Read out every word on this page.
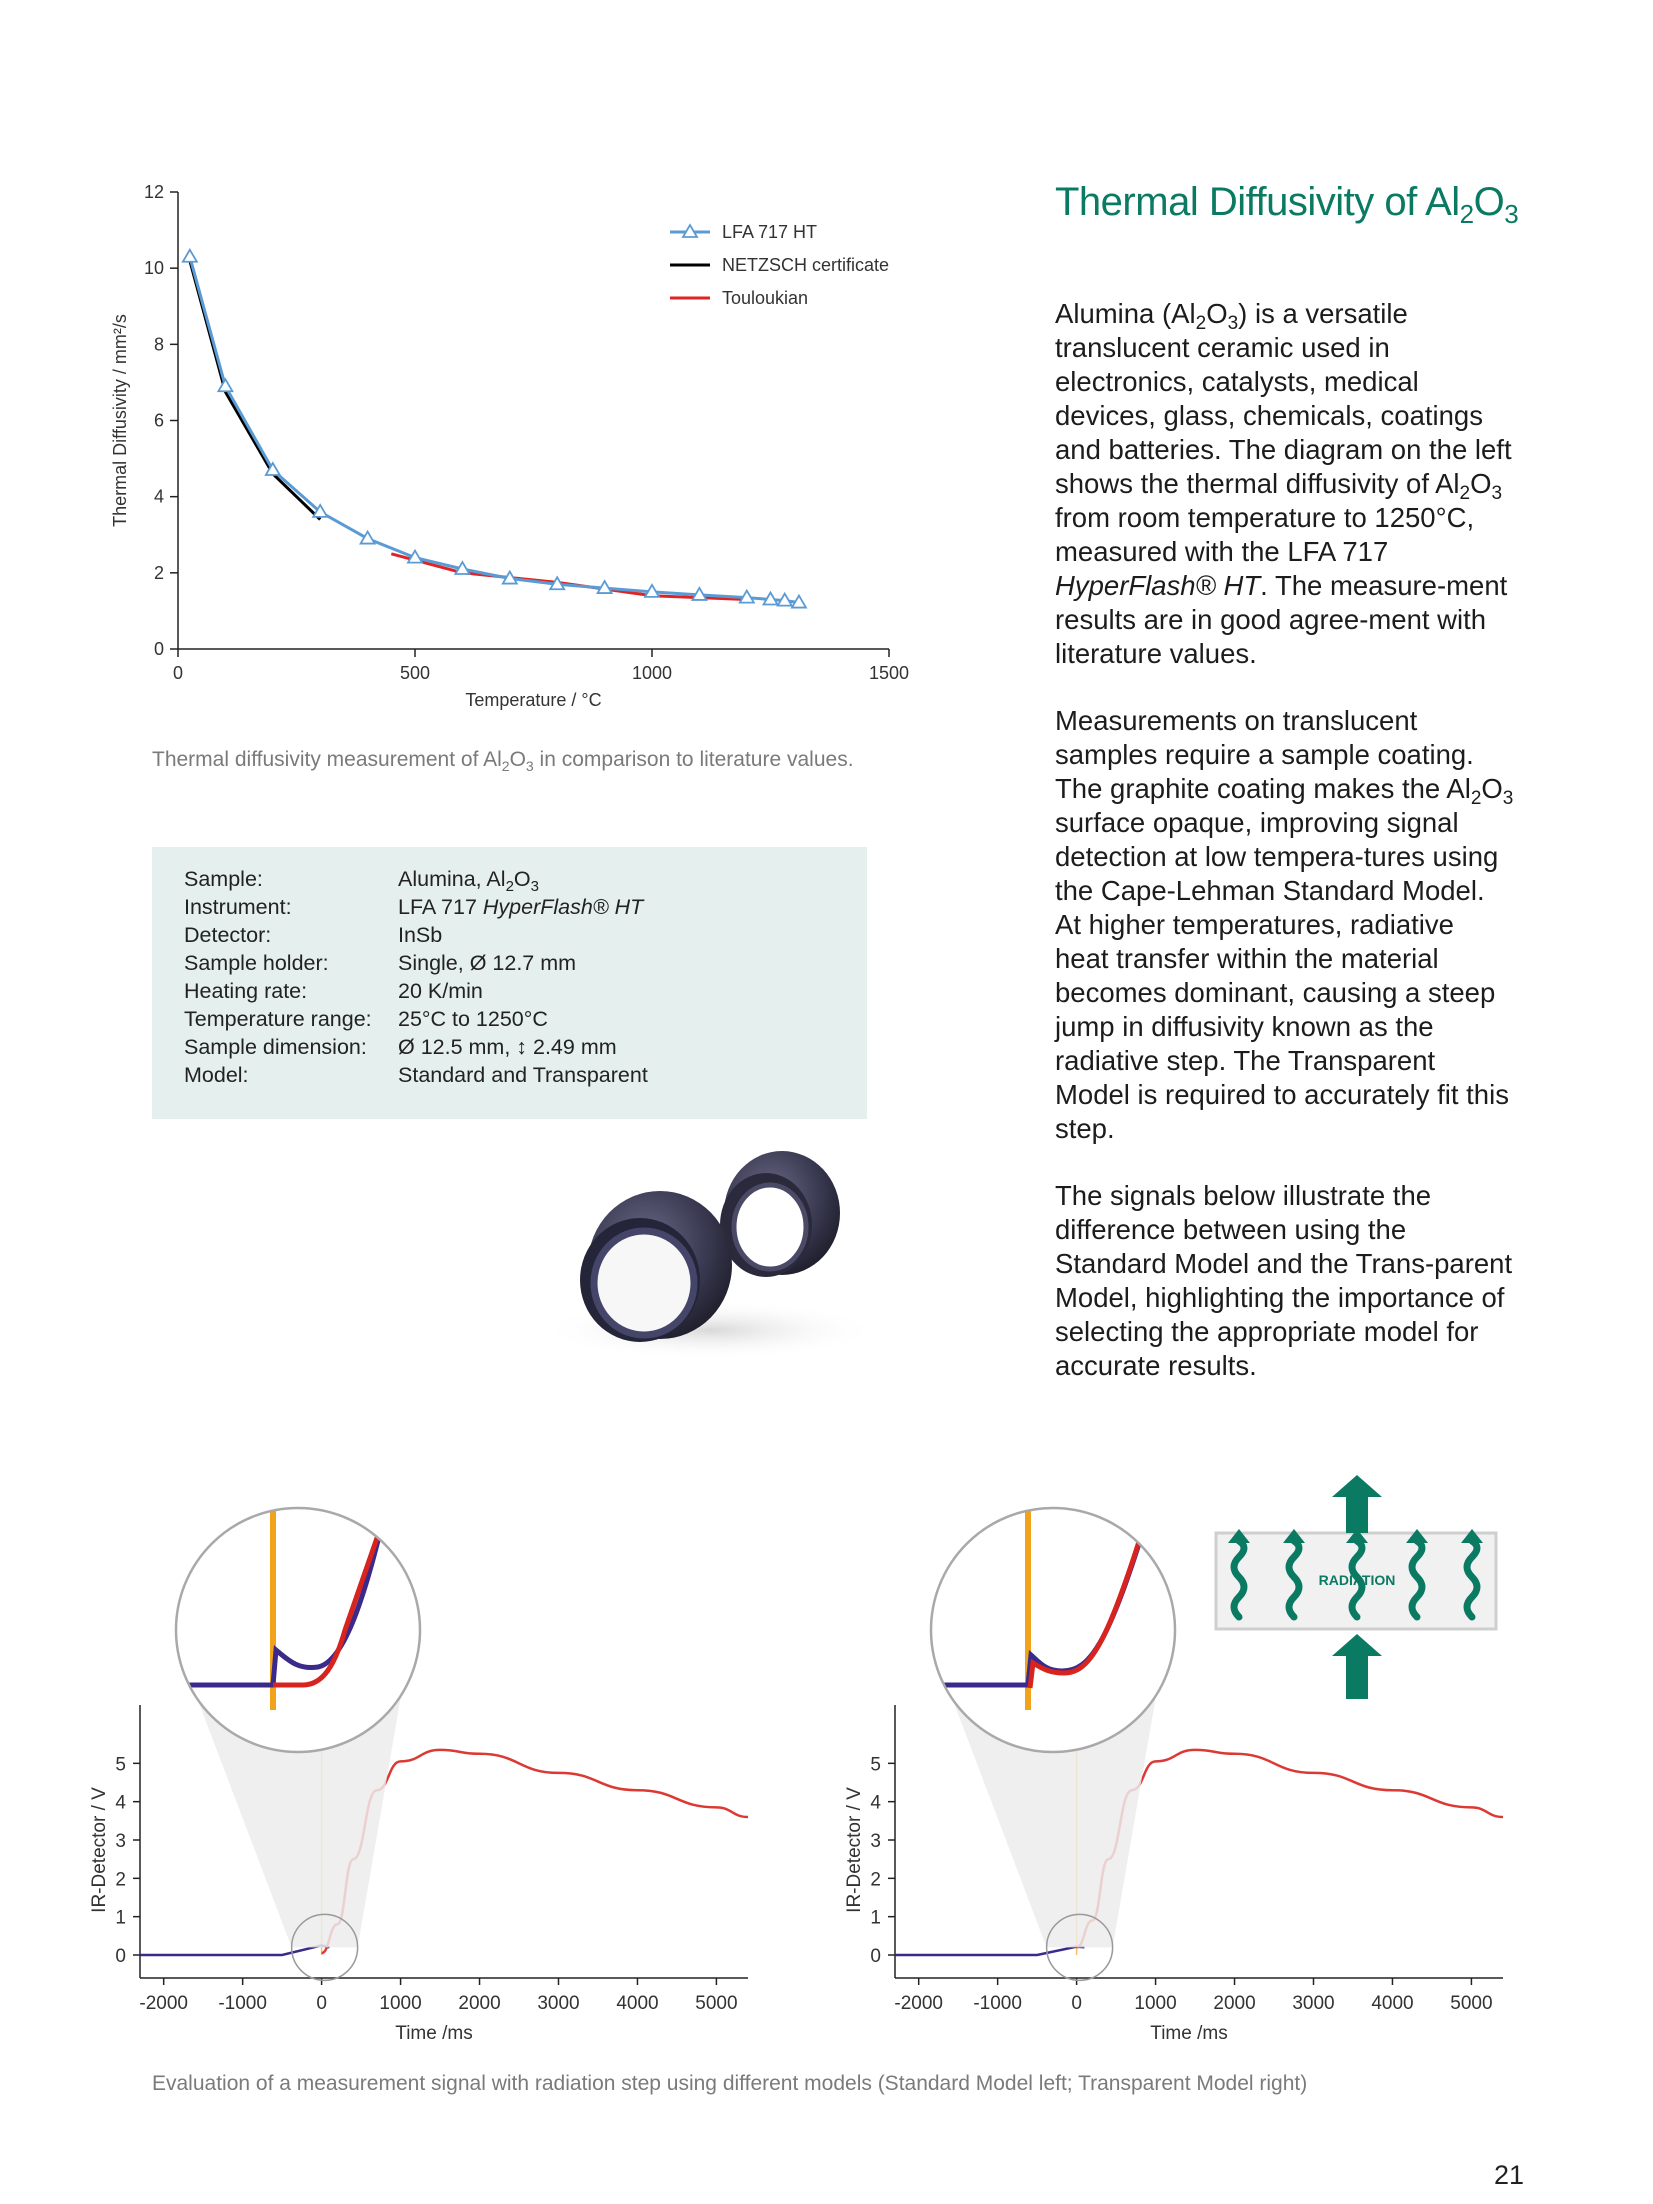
0
2
4
6
8
10
12
0	500	1000	1500
Temperature / °C
Thermal Diffusivity / mm²/s
LFA 717 HT
NETZSCH certificate
Touloukian
Thermal diffusivity measurement of $Al_2O_3$ in comparison to literature values.
Thermal Diffusivity of $Al_2O_3$

Alumina $(Al_2O_3)$ is a versatile translucent ceramic used in electronics, catalysts, medical devices, glass, chemicals, coatings and batteries. The diagram on the left shows the thermal diffusivity of $Al_2O_3$ from room temperature to 1250°C, measured with the LFA 717 HyperFlash® HT. The measure-ment results are in good agree-ment with literature values.

Measurements on translucent samples require a sample coating. The graphite coating makes the $Al_2O_3$ surface opaque, improving signal detection at low tempera-tures using the Cape-Lehman Standard Model. At higher temperatures, radiative heat transfer within the material becomes dominant, causing a steep jump in diffusivity known as the radiative step. The Transparent Model is required to accurately fit this step.

The signals below illustrate the difference between using the Standard Model and the Trans-parent Model, highlighting the importance of selecting the appropriate model for accurate results.

Sample:	Alumina, $Al_2O_3$
Instrument:	LFA 717 HyperFlash® HT
Detector:	InSb
Sample holder:	Single, Ø 12.7 mm
Heating rate:	20 K/min
Temperature range: 25°C to 1250°C
Sample dimension: Ø 12.5 mm, ↕ 2.49 mm
Model:	Standard and Transparent
0
1
2
3
4
5
-2000 -1000	0	1000 2000 3000 4000 5000
Time /ms
IR-Detector / V
0
1
2
3
4
5
-2000 -1000	0	1000 2000 3000 4000 5000
Time /ms
IR-Detector / V
RADIATION
Evaluation of a measurement signal with radiation step using different models (Standard Model left; Transparent Model right)
21
